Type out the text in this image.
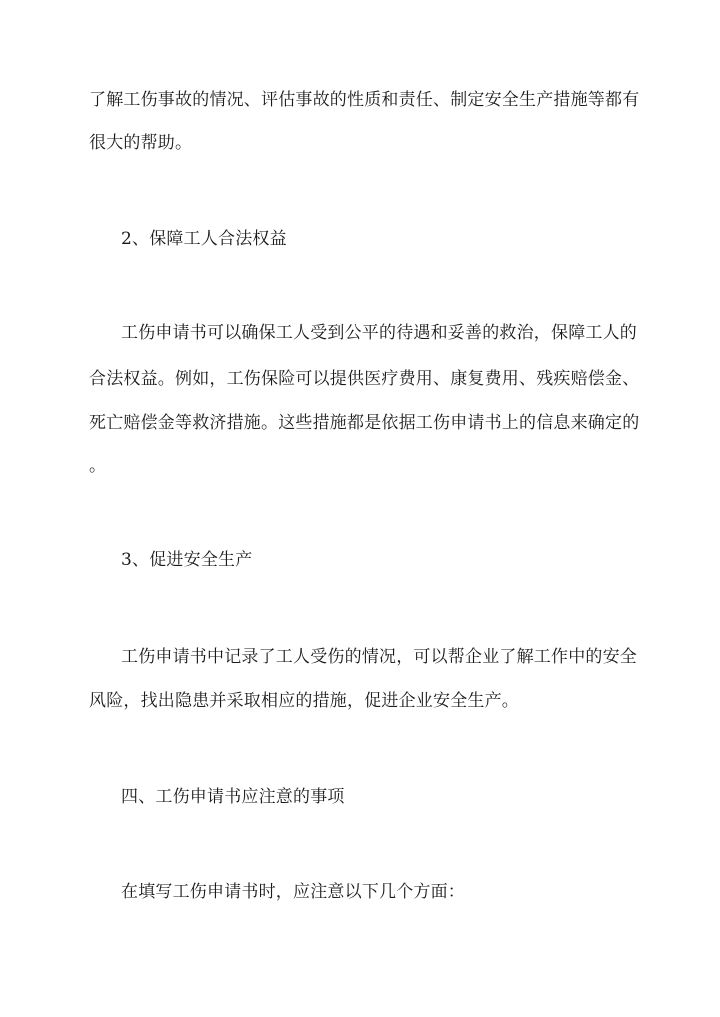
了解工伤事故的情况、评估事故的性质和责任、制定安全生产措施等都有
很大的帮助。
2、保障工人合法权益
工伤申请书可以确保工人受到公平的待遇和妥善的救治，保障工人的
合法权益。例如，工伤保险可以提供医疗费用、康复费用、残疾赔偿金、
死亡赔偿金等救济措施。这些措施都是依据工伤申请书上的信息来确定的
。
3、促进安全生产
工伤申请书中记录了工人受伤的情况，可以帮企业了解工作中的安全
风险，找出隐患并采取相应的措施，促进企业安全生产。
四、工伤申请书应注意的事项
在填写工伤申请书时，应注意以下几个方面：
